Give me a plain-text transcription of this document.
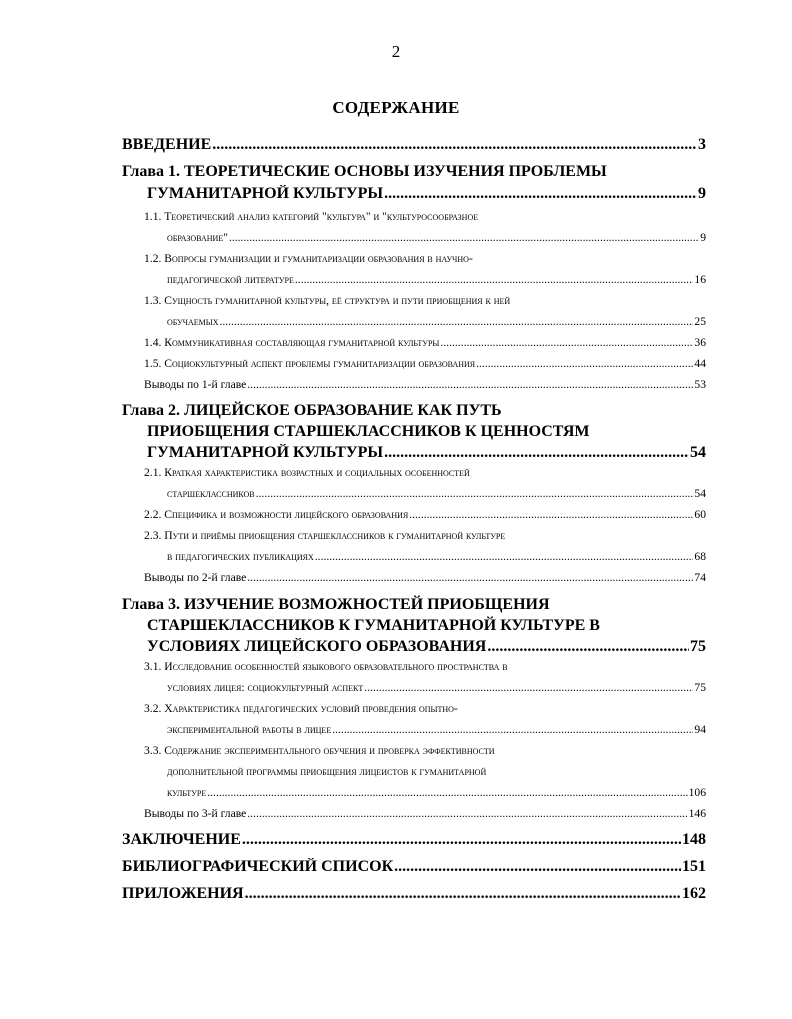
2
СОДЕРЖАНИЕ
ВВЕДЕНИЕ .....	3
Глава 1. ТЕОРЕТИЧЕСКИЕ ОСНОВЫ ИЗУЧЕНИЯ ПРОБЛЕМЫ
ГУМАНИТАРНОЙ КУЛЬТУРЫ .....	9
1.1. Теоретический анализ категорий "культура" и "культуросообразное
образование" .....	9
1.2. Вопросы гуманизации и гуманитаризации образования в научно-
педагогической литературе .....	16
1.3. Сущность гуманитарной культуры, её структура и пути приобщения к ней
обучаемых .....	25
1.4. Коммуникативная составляющая гуманитарной культуры .....	36
1.5. Социокультурный аспект проблемы гуманитаризации образования .....	44
Выводы по 1-й главе .....	53
Глава 2. ЛИЦЕЙСКОЕ ОБРАЗОВАНИЕ КАК ПУТЬ
ПРИОБЩЕНИЯ СТАРШЕКЛАССНИКОВ К ЦЕННОСТЯМ
ГУМАНИТАРНОЙ КУЛЬТУРЫ .....	54
2.1. Краткая характеристика возрастных и социальных особенностей
старшеклассников .....	54
2.2. Специфика и возможности лицейского образования .....	60
2.3. Пути и приёмы приобщения старшеклассников к гуманитарной культуре
в педагогических публикациях .....	68
Выводы по 2-й главе .....	74
Глава 3. ИЗУЧЕНИЕ ВОЗМОЖНОСТЕЙ ПРИОБЩЕНИЯ
СТАРШЕКЛАССНИКОВ К ГУМАНИТАРНОЙ КУЛЬТУРЕ В
УСЛОВИЯХ ЛИЦЕЙСКОГО ОБРАЗОВАНИЯ .....	75
3.1. Исследование особенностей языкового образовательного пространства в
условиях лицея: социокультурный аспект .....	75
3.2. Характеристика педагогических условий проведения опытно-
экспериментальной работы в лицее .....	94
3.3. Содержание экспериментального обучения и проверка эффективности
дополнительной программы приобщения лицеистов к гуманитарной
культуре .....	106
Выводы по 3-й главе .....	146
ЗАКЛЮЧЕНИЕ .....	148
БИБЛИОГРАФИЧЕСКИЙ СПИСОК .....	151
ПРИЛОЖЕНИЯ .....	162
